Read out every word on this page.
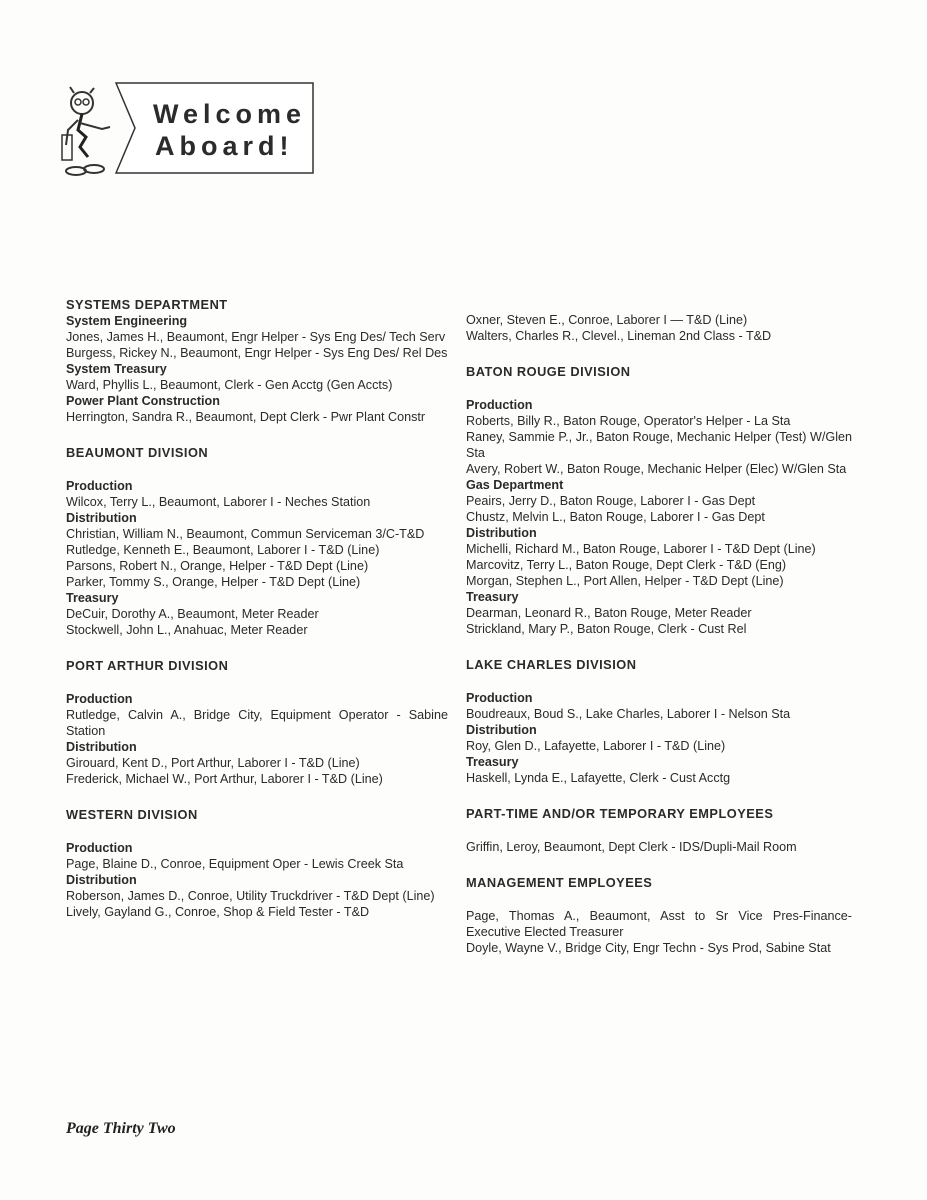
Welcome
Aboard!
SYSTEMS DEPARTMENT
System Engineering
Jones, James H., Beaumont, Engr Helper - Sys Eng Des/ Tech Serv
Burgess, Rickey N., Beaumont, Engr Helper - Sys Eng Des/ Rel Des
System Treasury
Ward, Phyllis L., Beaumont, Clerk - Gen Acctg (Gen Accts)
Power Plant Construction
Herrington, Sandra R., Beaumont, Dept Clerk - Pwr Plant Constr
BEAUMONT DIVISION
Production
Wilcox, Terry L., Beaumont, Laborer I - Neches Station
Distribution
Christian, William N., Beaumont, Commun Serviceman 3/C-T&D
Rutledge, Kenneth E., Beaumont, Laborer I - T&D (Line)
Parsons, Robert N., Orange, Helper - T&D Dept (Line)
Parker, Tommy S., Orange, Helper - T&D Dept (Line)
Treasury
DeCuir, Dorothy A., Beaumont, Meter Reader
Stockwell, John L., Anahuac, Meter Reader
PORT ARTHUR DIVISION
Production
Rutledge, Calvin A., Bridge City, Equipment Operator - Sabine Station
Distribution
Girouard, Kent D., Port Arthur, Laborer I - T&D (Line)
Frederick, Michael W., Port Arthur, Laborer I - T&D (Line)
WESTERN DIVISION
Production
Page, Blaine D., Conroe, Equipment Oper - Lewis Creek Sta
Distribution
Roberson, James D., Conroe, Utility Truckdriver - T&D Dept (Line)
Lively, Gayland G., Conroe, Shop & Field Tester - T&D
Oxner, Steven E., Conroe, Laborer I — T&D (Line)
Walters, Charles R., Clevel., Lineman 2nd Class - T&D
BATON ROUGE DIVISION
Production
Roberts, Billy R., Baton Rouge, Operator's Helper - La Sta
Raney, Sammie P., Jr., Baton Rouge, Mechanic Helper (Test) W/Glen Sta
Avery, Robert W., Baton Rouge, Mechanic Helper (Elec) W/Glen Sta
Gas Department
Peairs, Jerry D., Baton Rouge, Laborer I - Gas Dept
Chustz, Melvin L., Baton Rouge, Laborer I - Gas Dept
Distribution
Michelli, Richard M., Baton Rouge, Laborer I - T&D Dept (Line)
Marcovitz, Terry L., Baton Rouge, Dept Clerk - T&D (Eng)
Morgan, Stephen L., Port Allen, Helper - T&D Dept (Line)
Treasury
Dearman, Leonard R., Baton Rouge, Meter Reader
Strickland, Mary P., Baton Rouge, Clerk - Cust Rel
LAKE CHARLES DIVISION
Production
Boudreaux, Boud S., Lake Charles, Laborer I - Nelson Sta
Distribution
Roy, Glen D., Lafayette, Laborer I - T&D (Line)
Treasury
Haskell, Lynda E., Lafayette, Clerk - Cust Acctg
PART-TIME AND/OR TEMPORARY EMPLOYEES
Griffin, Leroy, Beaumont, Dept Clerk - IDS/Dupli-Mail Room
MANAGEMENT EMPLOYEES
Page, Thomas A., Beaumont, Asst to Sr Vice Pres-Finance-Executive Elected Treasurer
Doyle, Wayne V., Bridge City, Engr Techn - Sys Prod, Sabine Stat
Page Thirty Two
